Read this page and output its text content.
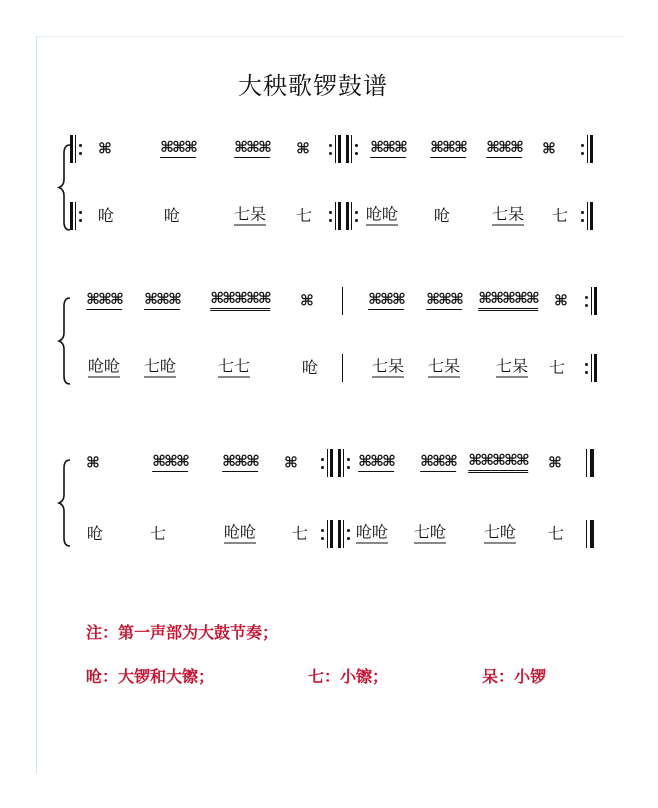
大秧歌锣鼓谱
⌘	⌘⌘⌘	⌘⌘⌘ ⌘	⌘⌘⌘ ⌘⌘⌘ ⌘⌘⌘ ⌘
呛	呛	七呆 七	呛呛 呛	七呆 七
⌘⌘⌘ ⌘⌘⌘ ⌘⌘⌘⌘⌘ ⌘	⌘⌘⌘ ⌘⌘⌘ ⌘⌘⌘⌘⌘ ⌘
呛呛 七呛	七七	呛	七呆 七呆 七呆 七
⌘	⌘⌘⌘ ⌘⌘⌘ ⌘	⌘⌘⌘ ⌘⌘⌘ ⌘⌘⌘⌘⌘ ⌘
呛	七	呛呛 七	呛呛 七呛 七呛 七
注：第一声部为大鼓节奏；
呛：大锣和大镲；	七：小镲；	呆：小锣
